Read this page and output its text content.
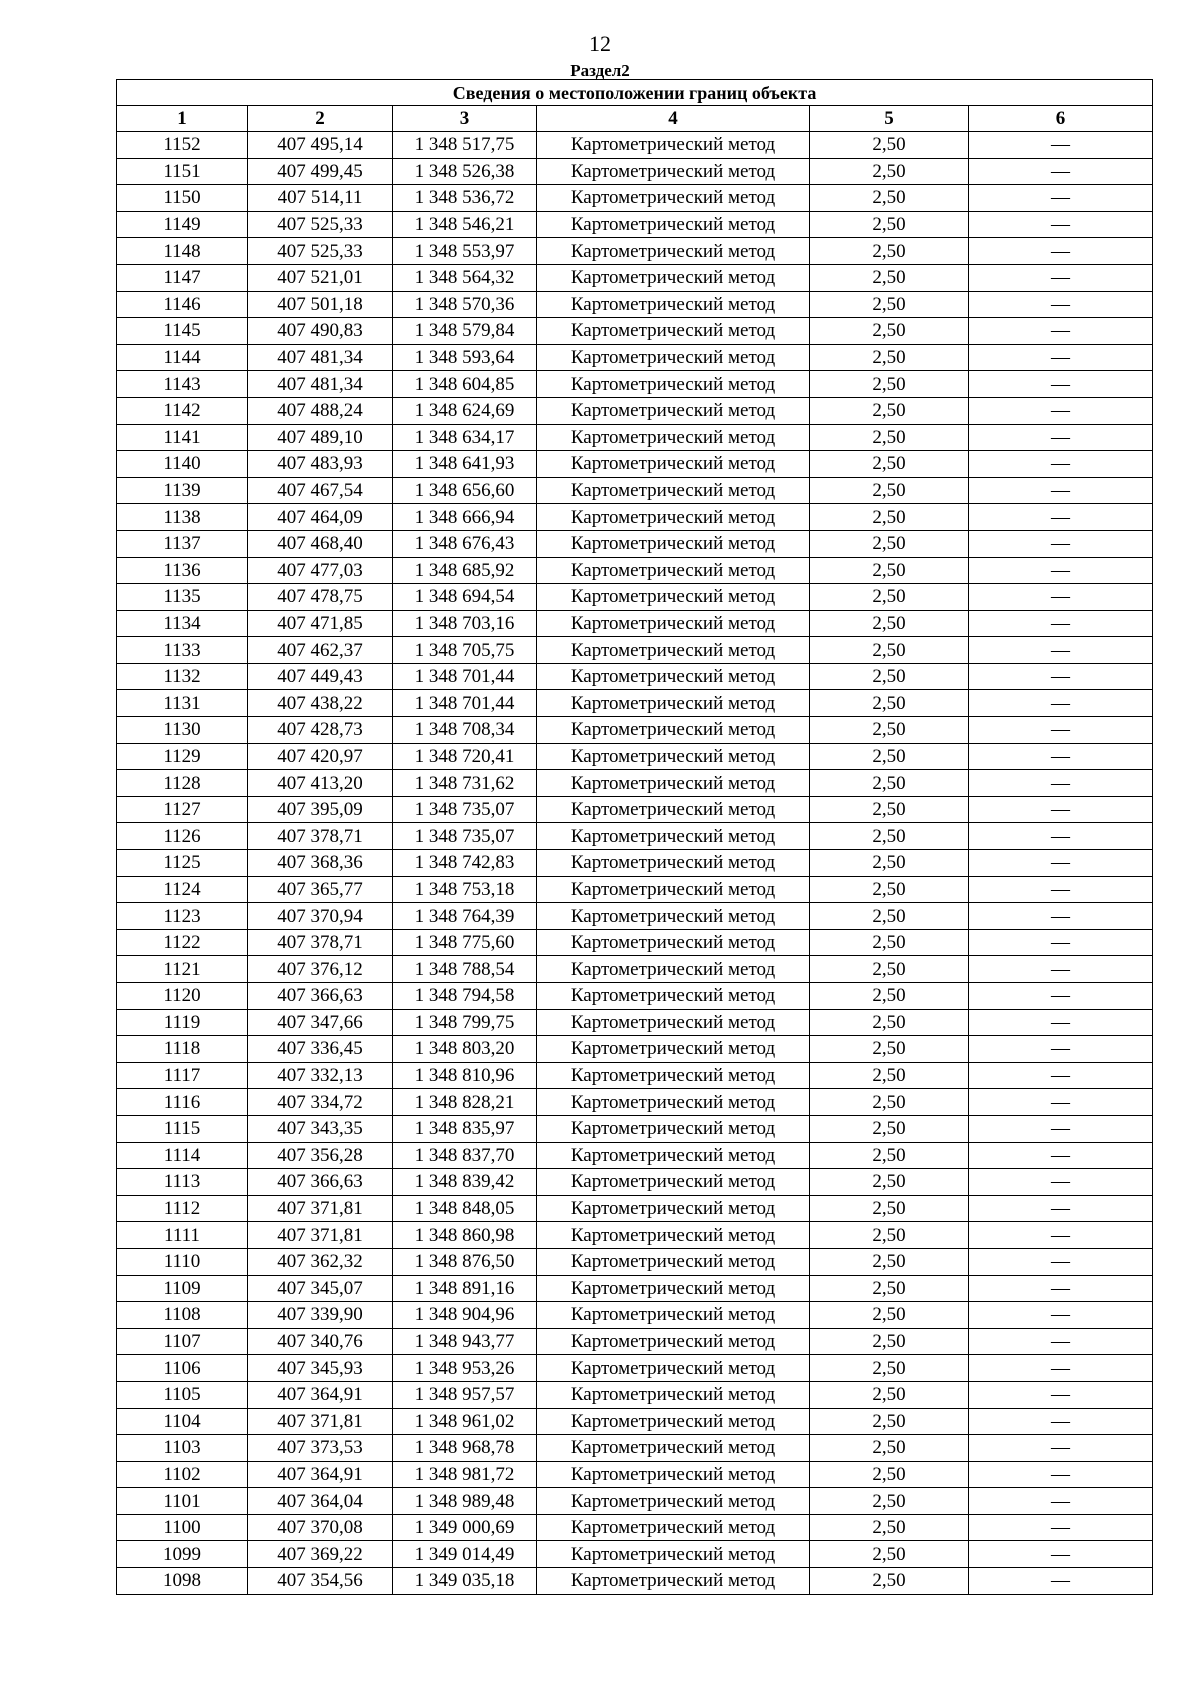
12
Раздел2
Сведения о местоположении границ объекта					
1	2	3	4	5	6
1152	407 495,14	1 348 517,75	Картометрический метод	2,50	—
1151	407 499,45	1 348 526,38	Картометрический метод	2,50	—
1150	407 514,11	1 348 536,72	Картометрический метод	2,50	—
1149	407 525,33	1 348 546,21	Картометрический метод	2,50	—
1148	407 525,33	1 348 553,97	Картометрический метод	2,50	—
1147	407 521,01	1 348 564,32	Картометрический метод	2,50	—
1146	407 501,18	1 348 570,36	Картометрический метод	2,50	—
1145	407 490,83	1 348 579,84	Картометрический метод	2,50	—
1144	407 481,34	1 348 593,64	Картометрический метод	2,50	—
1143	407 481,34	1 348 604,85	Картометрический метод	2,50	—
1142	407 488,24	1 348 624,69	Картометрический метод	2,50	—
1141	407 489,10	1 348 634,17	Картометрический метод	2,50	—
1140	407 483,93	1 348 641,93	Картометрический метод	2,50	—
1139	407 467,54	1 348 656,60	Картометрический метод	2,50	—
1138	407 464,09	1 348 666,94	Картометрический метод	2,50	—
1137	407 468,40	1 348 676,43	Картометрический метод	2,50	—
1136	407 477,03	1 348 685,92	Картометрический метод	2,50	—
1135	407 478,75	1 348 694,54	Картометрический метод	2,50	—
1134	407 471,85	1 348 703,16	Картометрический метод	2,50	—
1133	407 462,37	1 348 705,75	Картометрический метод	2,50	—
1132	407 449,43	1 348 701,44	Картометрический метод	2,50	—
1131	407 438,22	1 348 701,44	Картометрический метод	2,50	—
1130	407 428,73	1 348 708,34	Картометрический метод	2,50	—
1129	407 420,97	1 348 720,41	Картометрический метод	2,50	—
1128	407 413,20	1 348 731,62	Картометрический метод	2,50	—
1127	407 395,09	1 348 735,07	Картометрический метод	2,50	—
1126	407 378,71	1 348 735,07	Картометрический метод	2,50	—
1125	407 368,36	1 348 742,83	Картометрический метод	2,50	—
1124	407 365,77	1 348 753,18	Картометрический метод	2,50	—
1123	407 370,94	1 348 764,39	Картометрический метод	2,50	—
1122	407 378,71	1 348 775,60	Картометрический метод	2,50	—
1121	407 376,12	1 348 788,54	Картометрический метод	2,50	—
1120	407 366,63	1 348 794,58	Картометрический метод	2,50	—
1119	407 347,66	1 348 799,75	Картометрический метод	2,50	—
1118	407 336,45	1 348 803,20	Картометрический метод	2,50	—
1117	407 332,13	1 348 810,96	Картометрический метод	2,50	—
1116	407 334,72	1 348 828,21	Картометрический метод	2,50	—
1115	407 343,35	1 348 835,97	Картометрический метод	2,50	—
1114	407 356,28	1 348 837,70	Картометрический метод	2,50	—
1113	407 366,63	1 348 839,42	Картометрический метод	2,50	—
1112	407 371,81	1 348 848,05	Картометрический метод	2,50	—
1111	407 371,81	1 348 860,98	Картометрический метод	2,50	—
1110	407 362,32	1 348 876,50	Картометрический метод	2,50	—
1109	407 345,07	1 348 891,16	Картометрический метод	2,50	—
1108	407 339,90	1 348 904,96	Картометрический метод	2,50	—
1107	407 340,76	1 348 943,77	Картометрический метод	2,50	—
1106	407 345,93	1 348 953,26	Картометрический метод	2,50	—
1105	407 364,91	1 348 957,57	Картометрический метод	2,50	—
1104	407 371,81	1 348 961,02	Картометрический метод	2,50	—
1103	407 373,53	1 348 968,78	Картометрический метод	2,50	—
1102	407 364,91	1 348 981,72	Картометрический метод	2,50	—
1101	407 364,04	1 348 989,48	Картометрический метод	2,50	—
1100	407 370,08	1 349 000,69	Картометрический метод	2,50	—
1099	407 369,22	1 349 014,49	Картометрический метод	2,50	—
1098	407 354,56	1 349 035,18	Картометрический метод	2,50	—
